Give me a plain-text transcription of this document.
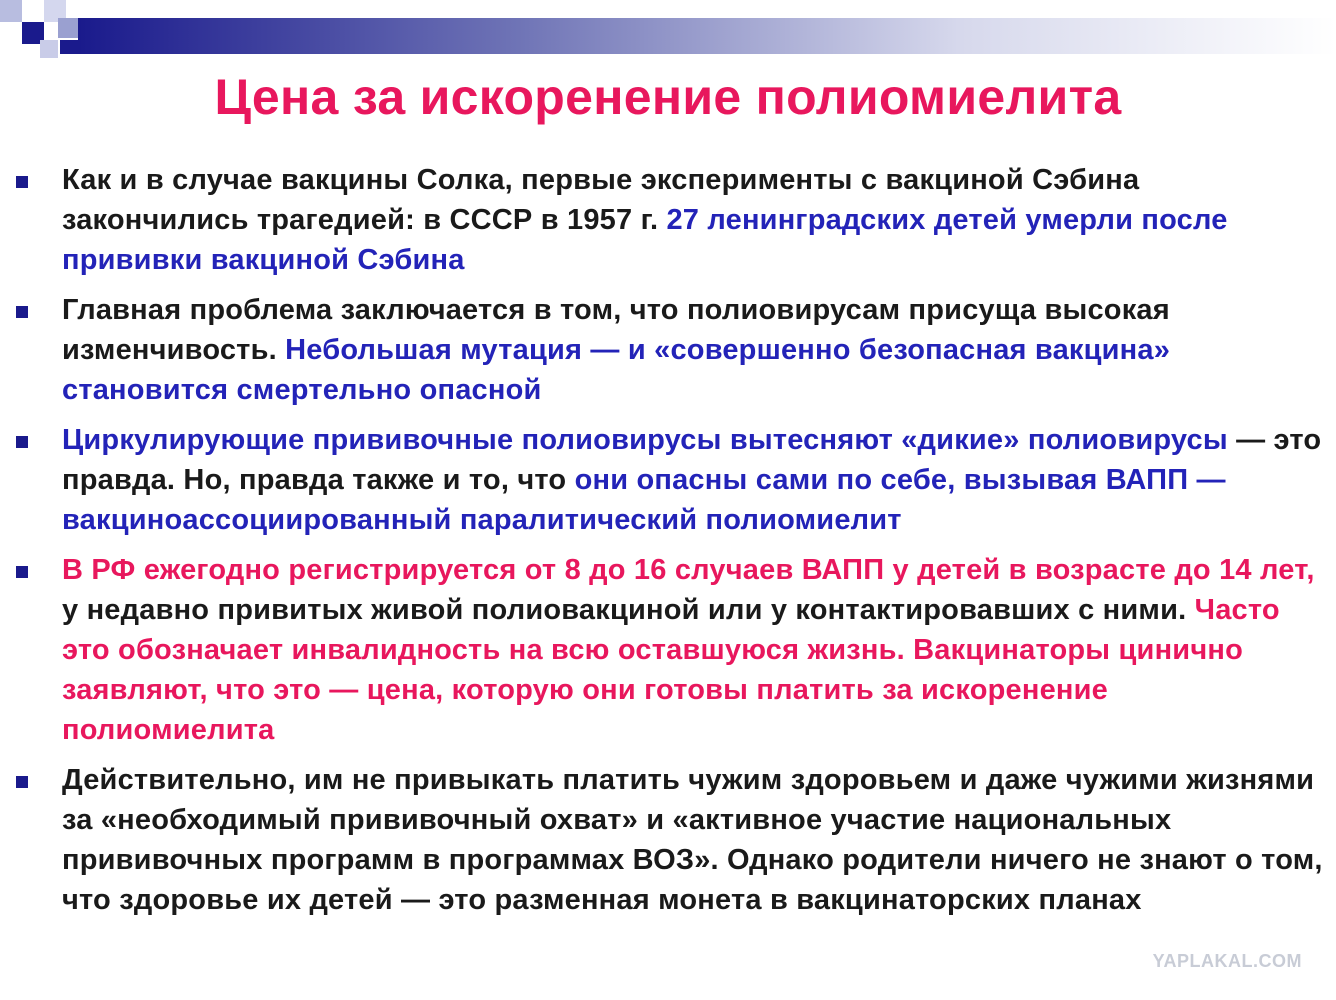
Цена за искоренение полиомиелита

Как и в случае вакцины Солка, первые эксперименты с вакциной Сэбина закончились трагедией: в СССР в 1957 г. 27 ленинградских детей умерли после прививки вакциной Сэбина

Главная проблема заключается в том, что полиовирусам присуща высокая изменчивость. Небольшая мутация — и «совершенно безопасная вакцина» становится смертельно опасной

Циркулирующие прививочные полиовирусы вытесняют «дикие» полиовирусы — это правда. Но, правда также и то, что они опасны сами по себе, вызывая ВАПП — вакциноассоциированный паралитический полиомиелит

В РФ ежегодно регистрируется от 8 до 16 случаев ВАПП у детей в возрасте до 14 лет, у недавно привитых живой полиовакциной или у контактировавших с ними. Часто это обозначает инвалидность на всю оставшуюся жизнь. Вакцинаторы цинично заявляют, что это — цена, которую они готовы платить за искоренение полиомиелита

Действительно, им не привыкать платить чужим здоровьем и даже чужими жизнями за «необходимый прививочный охват» и «активное участие национальных прививочных программ в программах ВОЗ». Однако родители ничего не знают о том, что здоровье их детей — это разменная монета в вакцинаторских планах

YAPLAKAL.COM
